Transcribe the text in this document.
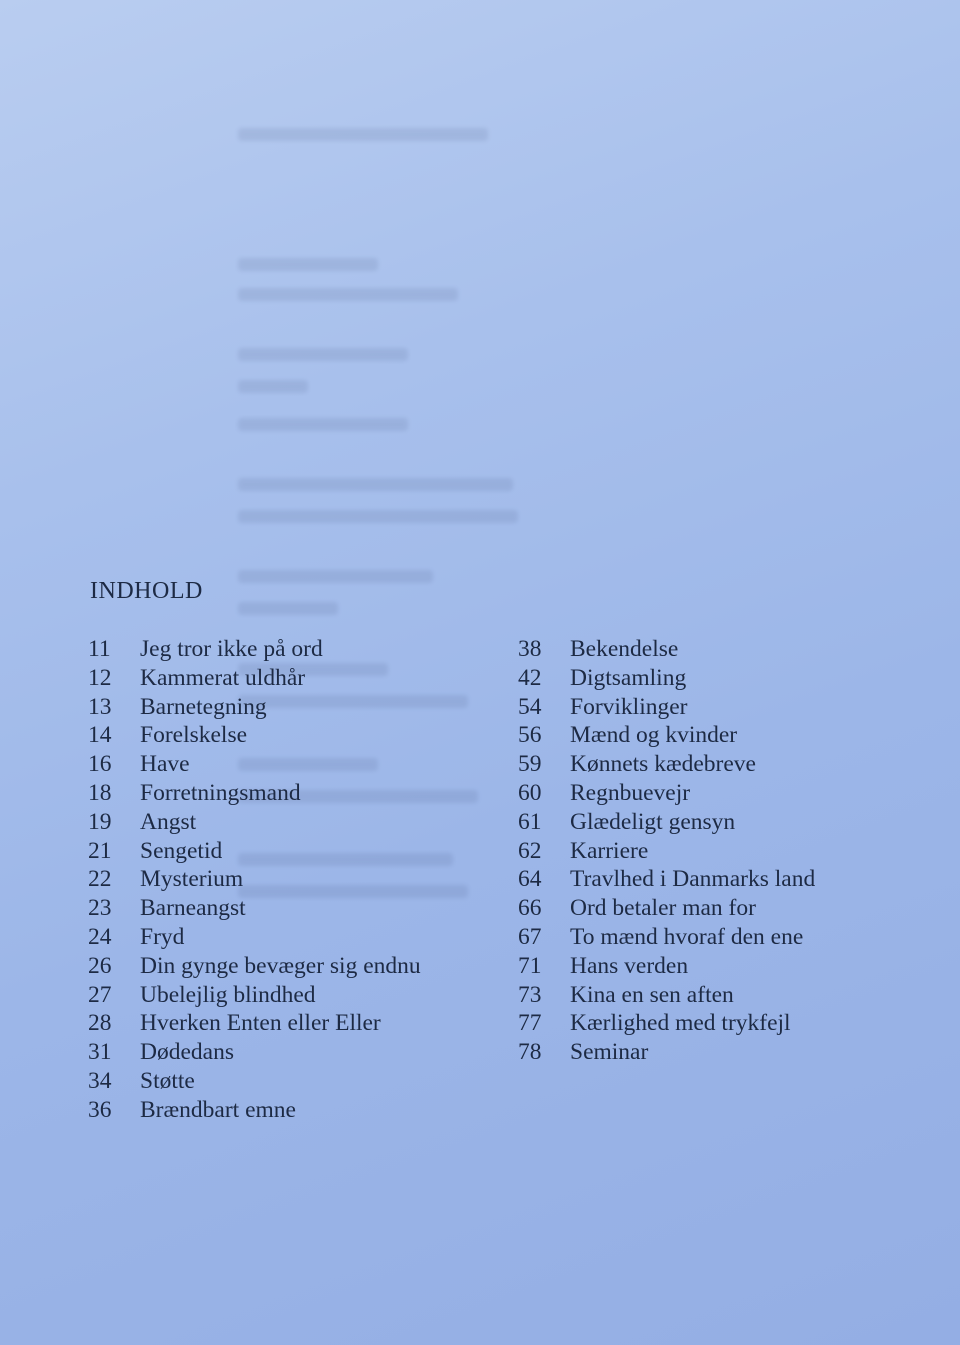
INDHOLD
11	Jeg tror ikke på ord
12	Kammerat uldhår
13	Barnetegning
14	Forelskelse
16	Have
18	Forretningsmand
19	Angst
21	Sengetid
22	Mysterium
23	Barneangst
24	Fryd
26	Din gynge bevæger sig endnu
27	Ubelejlig blindhed
28	Hverken Enten eller Eller
31	Dødedans
34	Støtte
36	Brændbart emne
38	Bekendelse
42	Digtsamling
54	Forviklinger
56	Mænd og kvinder
59	Kønnets kædebreve
60	Regnbuevejr
61	Glædeligt gensyn
62	Karriere
64	Travlhed i Danmarks land
66	Ord betaler man for
67	To mænd hvoraf den ene
71	Hans verden
73	Kina en sen aften
77	Kærlighed med trykfejl
78	Seminar
